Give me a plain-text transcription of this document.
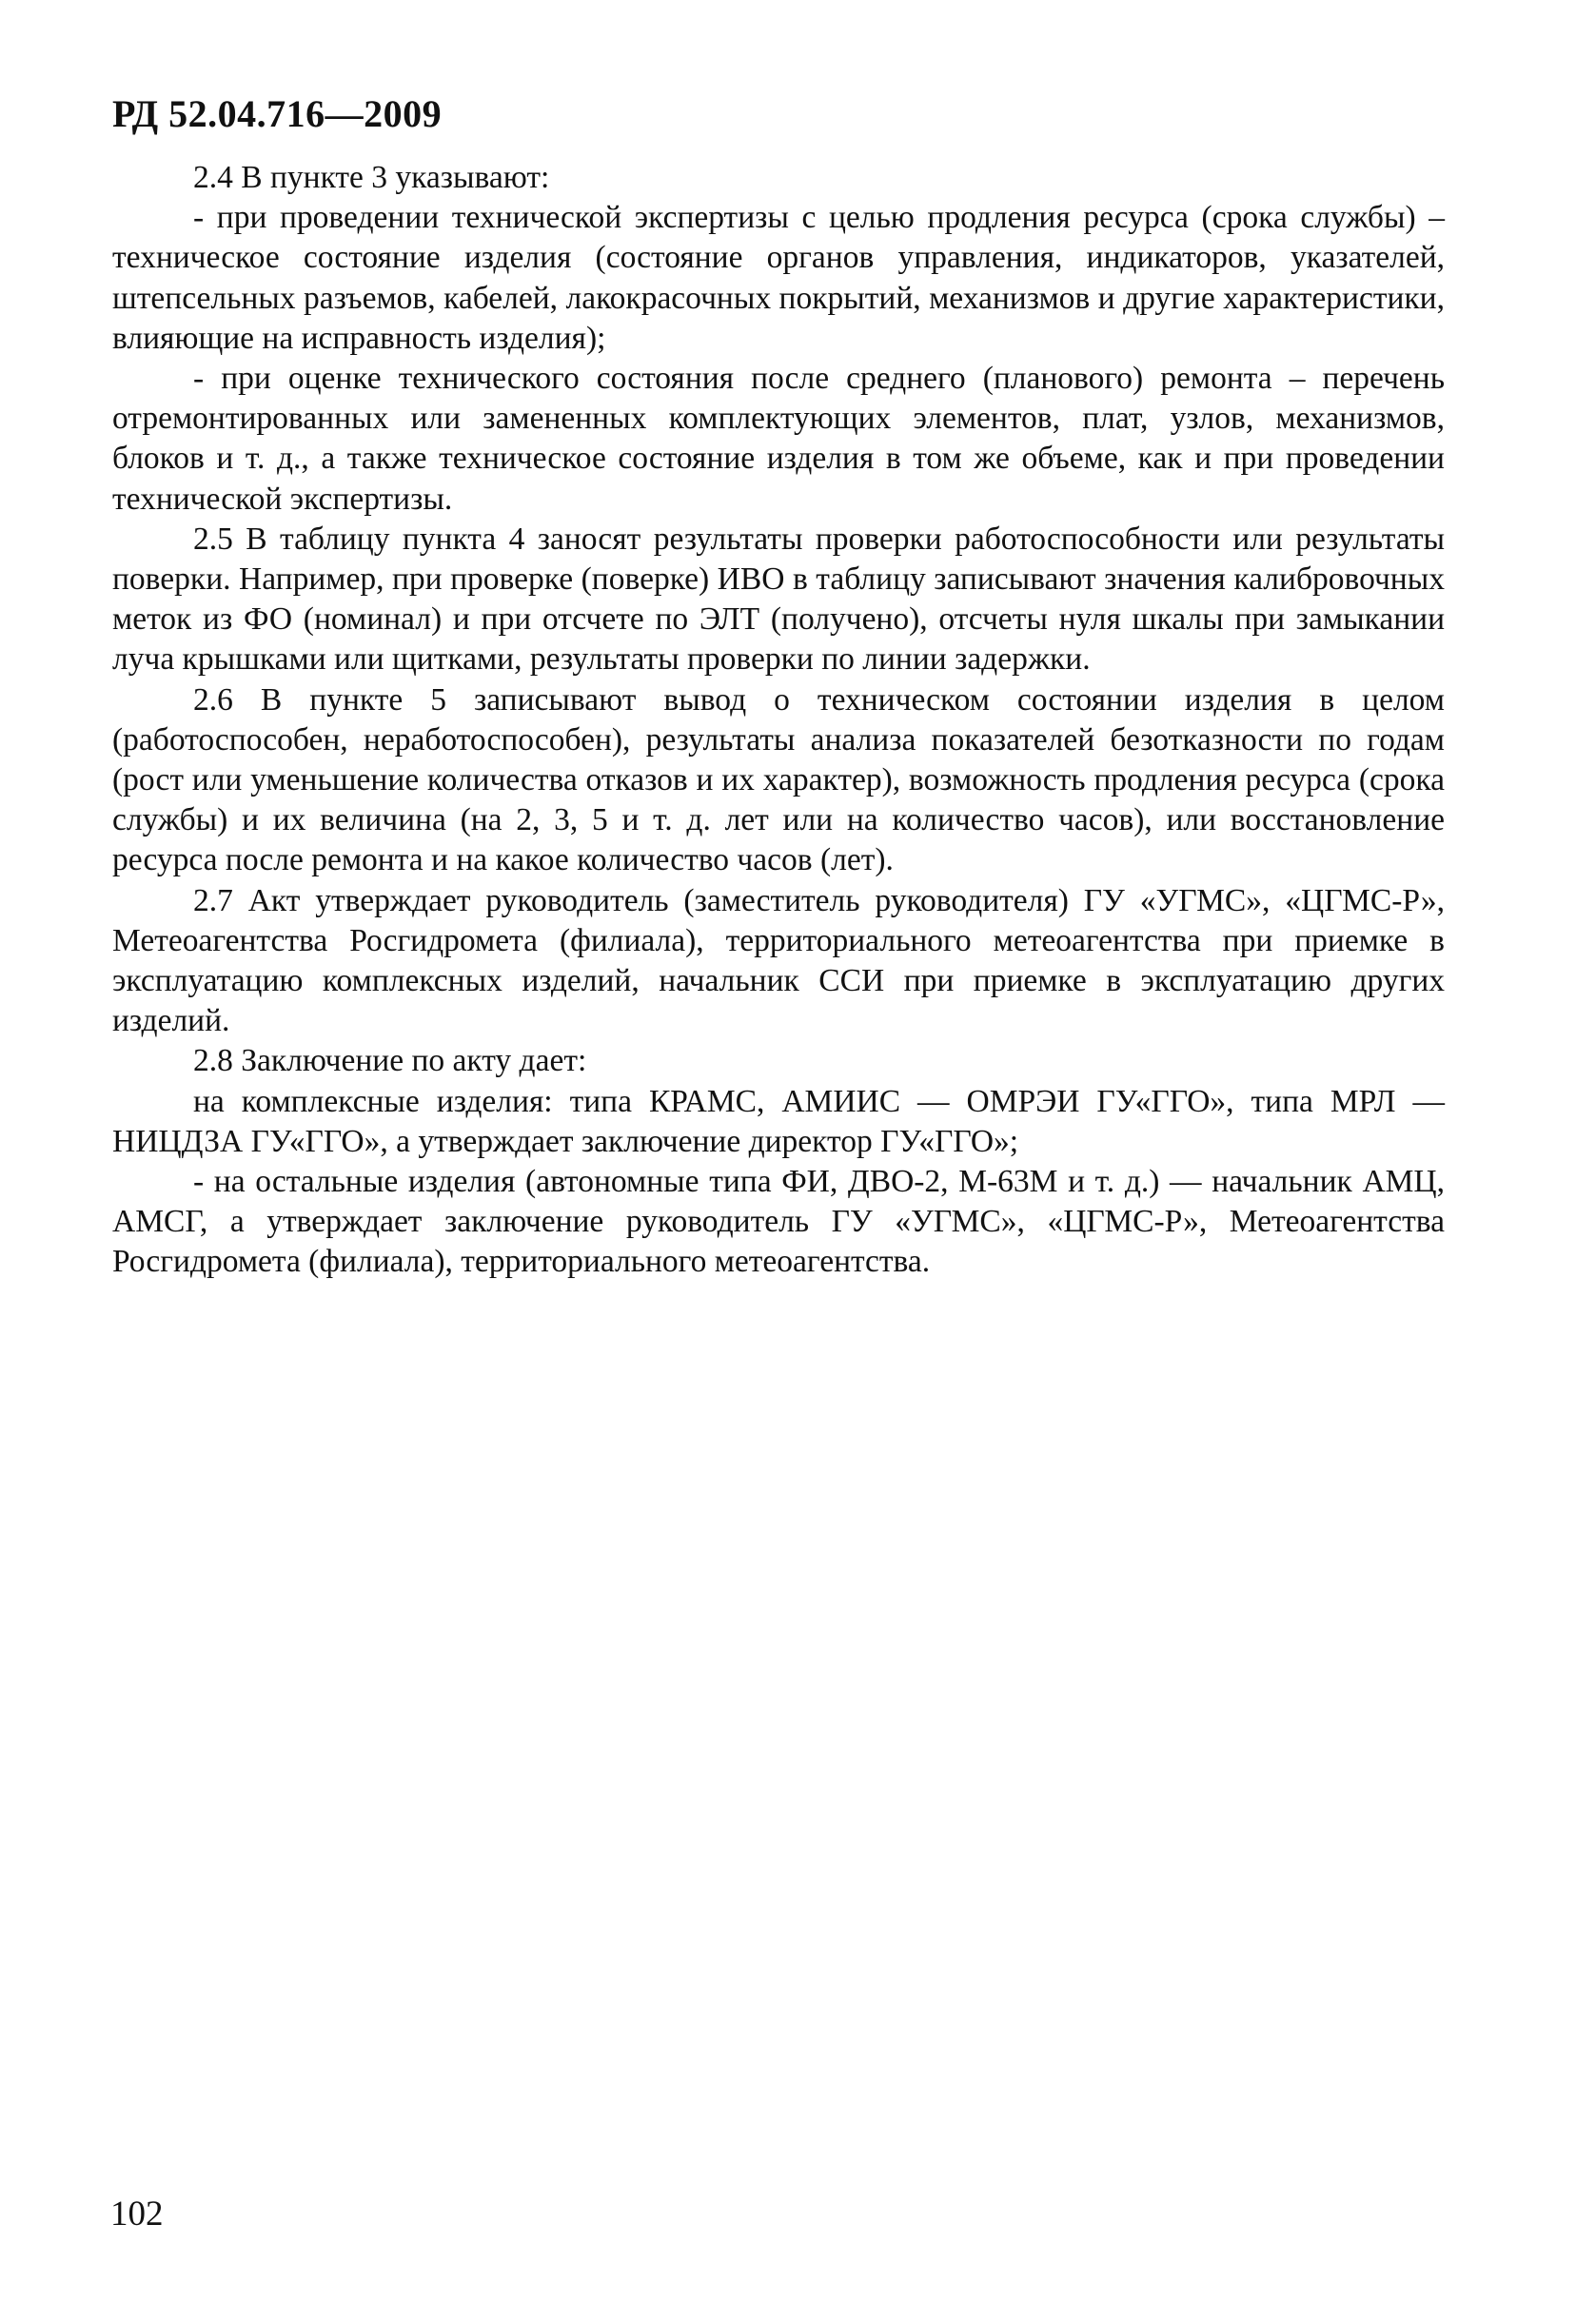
РД 52.04.716—2009

2.4 В пункте 3 указывают:

- при проведении технической экспертизы с целью продления ресурса (срока службы) – техническое состояние изделия (состояние органов управления, индикаторов, указателей, штепсельных разъемов, кабелей, лакокрасочных покрытий, механизмов и другие характеристики, влияющие на исправность изделия);

- при оценке технического состояния после среднего (планового) ремонта – перечень отремонтированных или замененных комплектующих элементов, плат, узлов, механизмов, блоков и т. д., а также техническое состояние изделия в том же объеме, как и при проведении технической экспертизы.

2.5 В таблицу пункта 4 заносят результаты проверки работоспособности или результаты поверки. Например, при проверке (поверке) ИВО в таблицу записывают значения калибровочных меток из ФО (номинал) и при отсчете по ЭЛТ (получено), отсчеты нуля шкалы при замыкании луча крышками или щитками, результаты проверки по линии задержки.

2.6 В пункте 5 записывают вывод о техническом состоянии изделия в целом (работоспособен, неработоспособен), результаты анализа показателей безотказности по годам (рост или уменьшение количества отказов и их характер), возможность продления ресурса (срока службы) и их величина (на 2, 3, 5 и т. д. лет или на количество часов), или восстановление ресурса после ремонта и на какое количество часов (лет).

2.7 Акт утверждает руководитель (заместитель руководителя) ГУ «УГМС», «ЦГМС-Р», Метеоагентства Росгидромета (филиала), территориального метеоагентства при приемке в эксплуатацию комплексных изделий, начальник ССИ при приемке в эксплуатацию других изделий.

2.8 Заключение по акту дает:

на комплексные изделия: типа КРАМС, АМИИС — ОМРЭИ ГУ«ГГО», типа МРЛ — НИЦДЗА ГУ«ГГО», а утверждает заключение директор ГУ«ГГО»;

- на остальные изделия (автономные типа ФИ, ДВО-2, М-63М и т. д.) — начальник АМЦ, АМСГ, а утверждает заключение руководитель ГУ «УГМС», «ЦГМС-Р», Метеоагентства Росгидромета (филиала), территориального метеоагентства.

102
